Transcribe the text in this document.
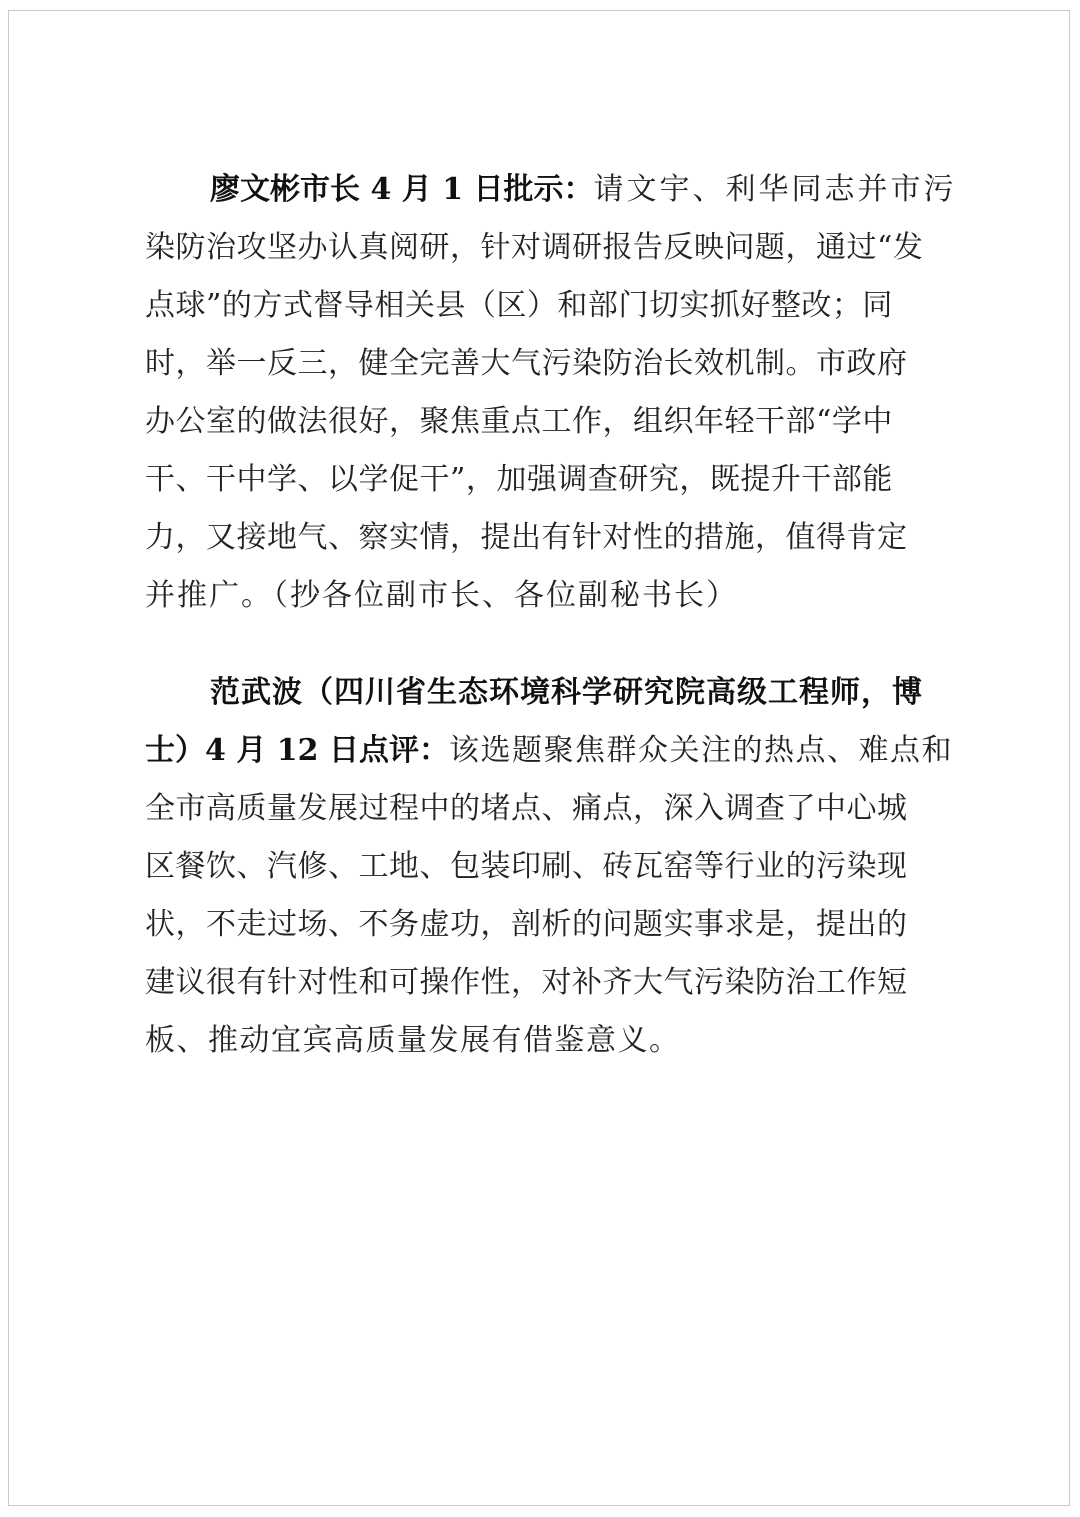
廖文彬市长 4 月 1 日批示： 请文宇、利华同志并市污
染防治攻坚办认真阅研，针对调研报告反映问题，通过“发
点球”的方式督导相关县（区）和部门切实抓好整改；同
时，举一反三，健全完善大气污染防治长效机制。市政府
办公室的做法很好，聚焦重点工作，组织年轻干部“学中
干、干中学、以学促干”，加强调查研究，既提升干部能
力，又接地气、察实情，提出有针对性的措施，值得肯定
并推广。（抄各位副市长、各位副秘书长）
范武波（四川省生态环境科学研究院高级工程师，博
士）4 月 12 日点评： 该选题聚焦群众关注的热点、难点和
全市高质量发展过程中的堵点、痛点，深入调查了中心城
区餐饮、汽修、工地、包装印刷、砖瓦窑等行业的污染现
状，不走过场、不务虚功，剖析的问题实事求是，提出的
建议很有针对性和可操作性，对补齐大气污染防治工作短
板、推动宜宾高质量发展有借鉴意义。
